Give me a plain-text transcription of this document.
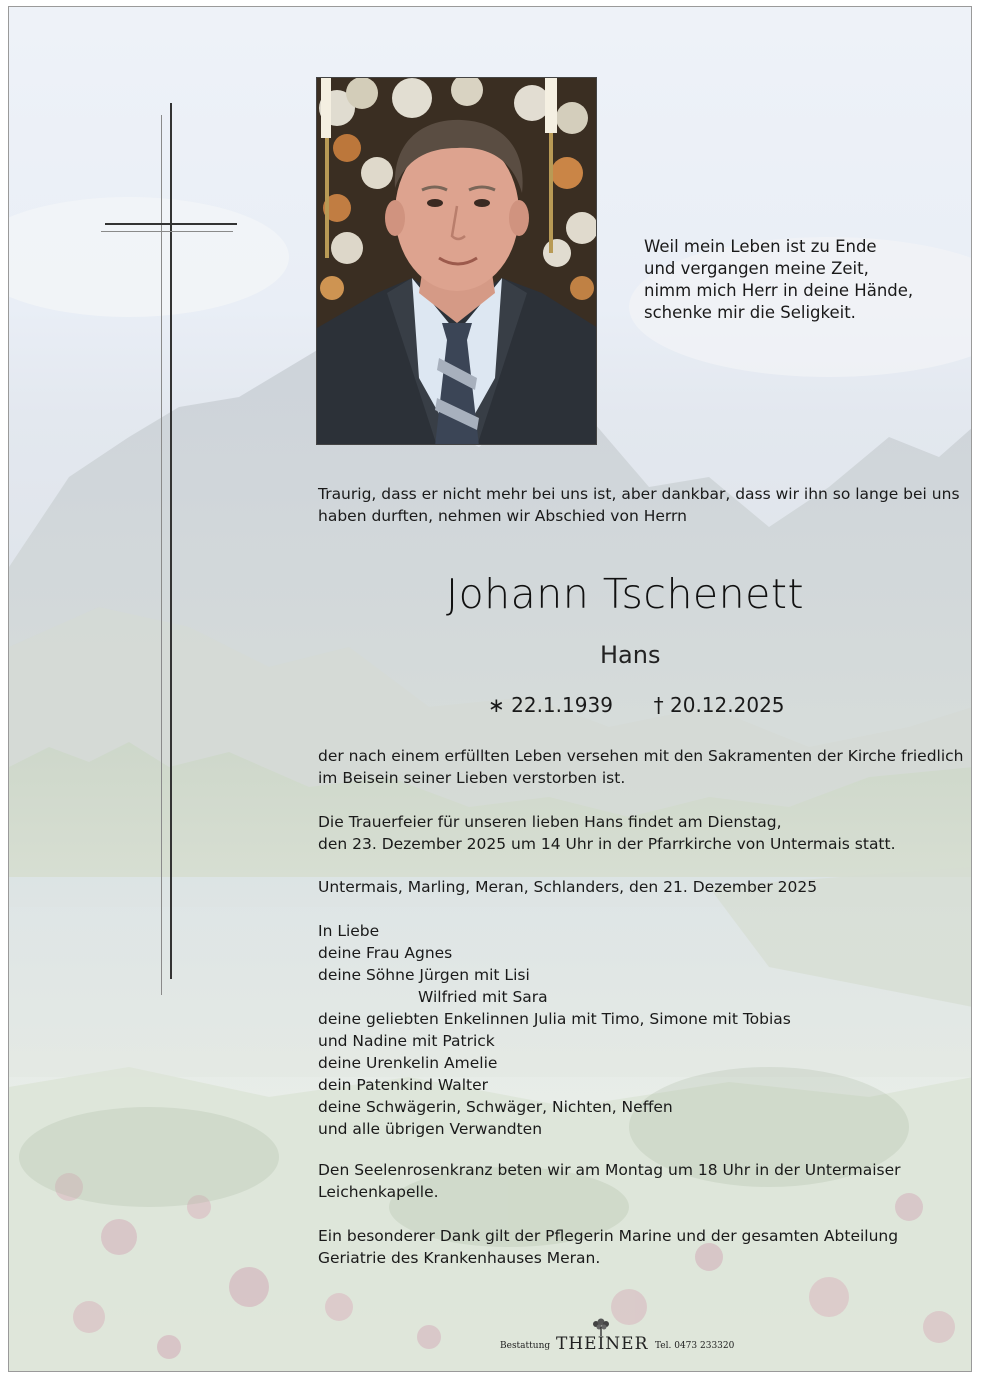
Weil mein Leben ist zu Ende
und vergangen meine Zeit,
nimm mich Herr in deine Hände,
schenke mir die Seligkeit.
Traurig, dass er nicht mehr bei uns ist, aber dankbar, dass wir ihn so lange bei uns
haben durften, nehmen wir Abschied von Herrn
Johann Tschenett
Hans
∗ 22.1.1939 † 20.12.2025
der nach einem erfüllten Leben versehen mit den Sakramenten der Kirche friedlich
im Beisein seiner Lieben verstorben ist.
Die Trauerfeier für unseren lieben Hans findet am Dienstag,
den 23. Dezember 2025 um 14 Uhr in der Pfarrkirche von Untermais statt.
Untermais, Marling, Meran, Schlanders, den 21. Dezember 2025
In Liebe
deine Frau Agnes
deine Söhne Jürgen mit Lisi
Wilfried mit Sara
deine geliebten Enkelinnen Julia mit Timo, Simone mit Tobias
und Nadine mit Patrick
deine Urenkelin Amelie
dein Patenkind Walter
deine Schwägerin, Schwäger, Nichten, Neffen
und alle übrigen Verwandten
Den Seelenrosenkranz beten wir am Montag um 18 Uhr in der Untermaiser
Leichenkapelle.
Ein besonderer Dank gilt der Pflegerin Marine und der gesamten Abteilung
Geriatrie des Krankenhauses Meran.
Bestattung THEINER Tel. 0473 233320
